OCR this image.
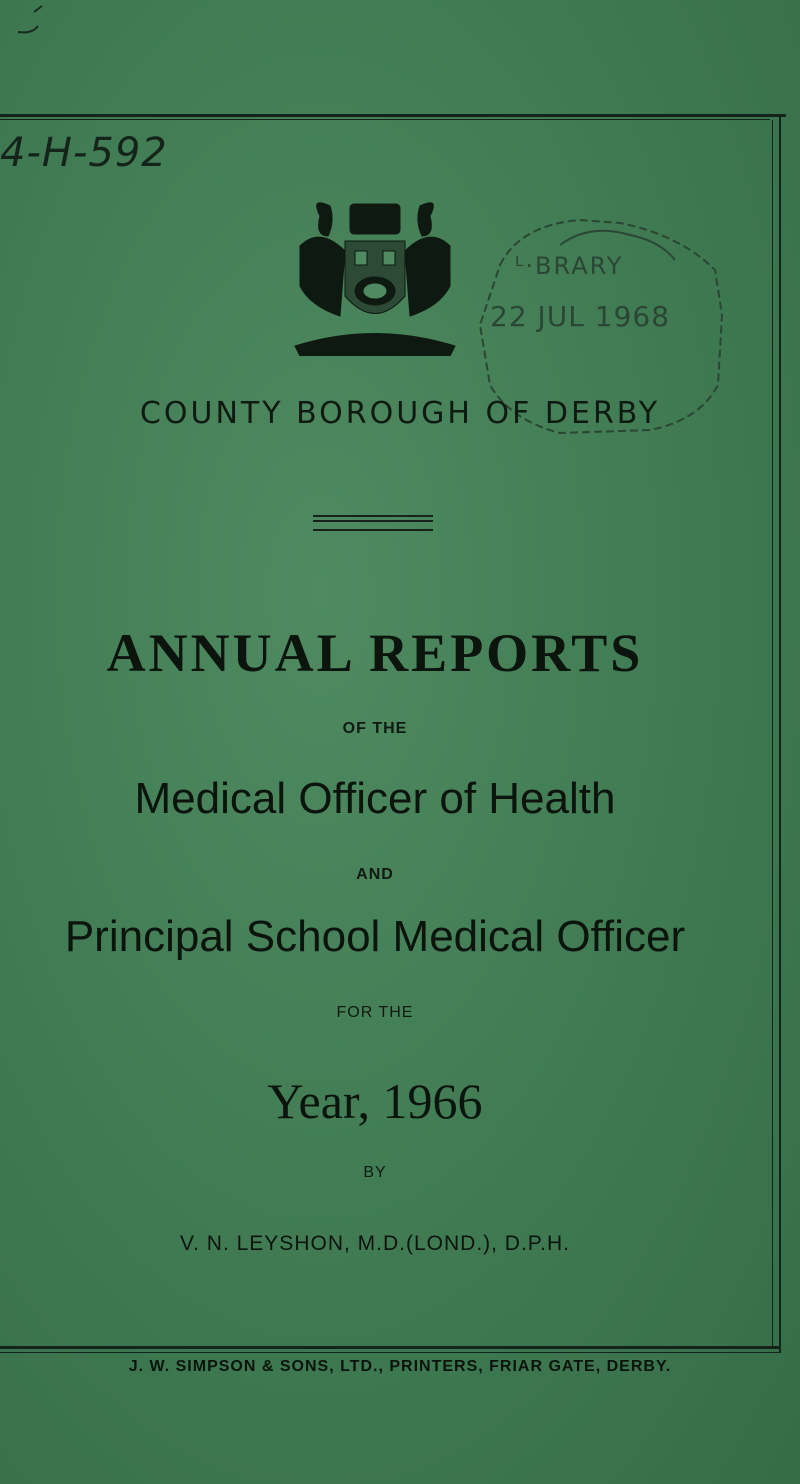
4-H-592
ᴸ·BRARY
22 JUL 1968
COUNTY BOROUGH OF DERBY
ANNUAL REPORTS
OF THE
Medical Officer of Health
AND
Principal School Medical Officer
FOR THE
Year, 1966
BY
V. N. LEYSHON, M.D.(LOND.), D.P.H.
J. W. SIMPSON & SONS, LTD., PRINTERS, FRIAR GATE, DERBY.
